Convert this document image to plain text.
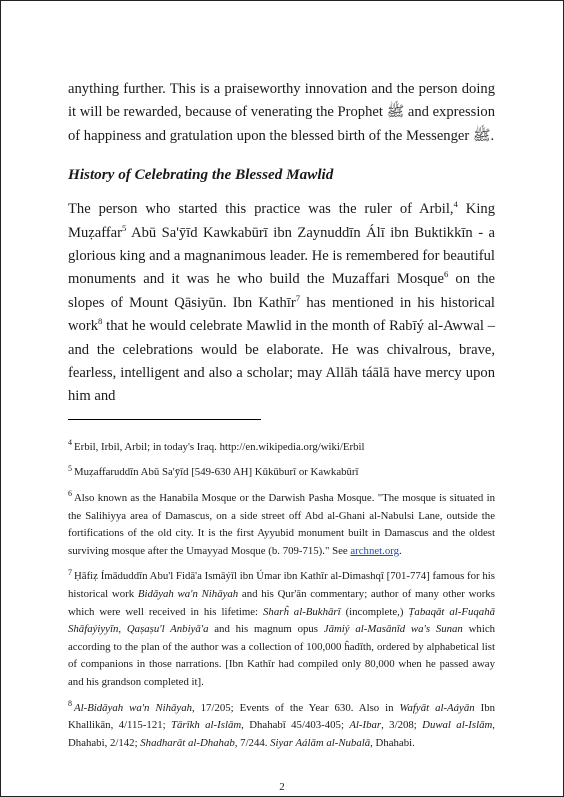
anything further. This is a praiseworthy innovation and the person doing it will be rewarded, because of venerating the Prophet ﷺ and expression of happiness and gratulation upon the blessed birth of the Messenger ﷺ.

History of Celebrating the Blessed Mawlid

The person who started this practice was the ruler of Arbil,$^4$ King Muẓaffar$^5$ Abū Sa'ȳīd Kawkabūrī ibn Zaynuddīn Álī ibn Buktikkīn - a glorious king and a magnanimous leader. He is remembered for beautiful monuments and it was he who build the Muzaffari Mosque$^6$ on the slopes of Mount Qāsiyūn. Ibn Kathīr$^7$ has mentioned in his historical work$^8$ that he would celebrate Mawlid in the month of Rabīý al-Awwal – and the celebrations would be elaborate. He was chivalrous, brave, fearless, intelligent and also a scholar; may Allāh táālā have mercy upon him and

$^4$ Erbil, Irbil, Arbil; in today's Iraq. http://en.wikipedia.org/wiki/Erbil

$^5$ Muẓaffaruddīn Abū Sa'ȳīd [549-630 AH] Kūkūburī or Kawkabūrī

$^6$ Also known as the Hanabila Mosque or the Darwish Pasha Mosque. "The mosque is situated in the Salihiyya area of Damascus, on a side street off Abd al-Ghani al-Nabulsi Lane, outside the fortifications of the old city. It is the first Ayyubid monument built in Damascus and the oldest surviving mosque after the Umayyad Mosque (b. 709-715)." See archnet.org.

$^7$ Ḥāfiẓ Ímāduddīn Abu'l Fidā'a Ismāýīl ibn Úmar ibn Kathīr al-Dimashqī [701-774] famous for his historical work Bidāyah wa'n Nihāyah and his Qur'ān commentary; author of many other works which were well received in his lifetime: Sharĥ al-Bukhārī (incomplete,) Ṭabaqāt al-Fuqahā Shāfaýiyyīn, Qaṣaṣu'l Anbiyā'a and his magnum opus Jāmiý al-Masānīd wa's Sunan which according to the plan of the author was a collection of 100,000 ĥadīth, ordered by alphabetical list of companions in those narrations. [Ibn Kathīr had compiled only 80,000 when he passed away and his grandson completed it].

$^8$ Al-Bidāyah wa'n Nihāyah, 17/205; Events of the Year 630. Also in Wafyāt al-Aáyān Ibn Khallikān, 4/115-121; Tārīkh al-Islām, Dhahabī 45/403-405; Al-Ibar, 3/208; Duwal al-Islām, Dhahabi, 2/142; Shadharāt al-Dhahab, 7/244. Siyar Aálām al-Nubalā, Dhahabi.

2
